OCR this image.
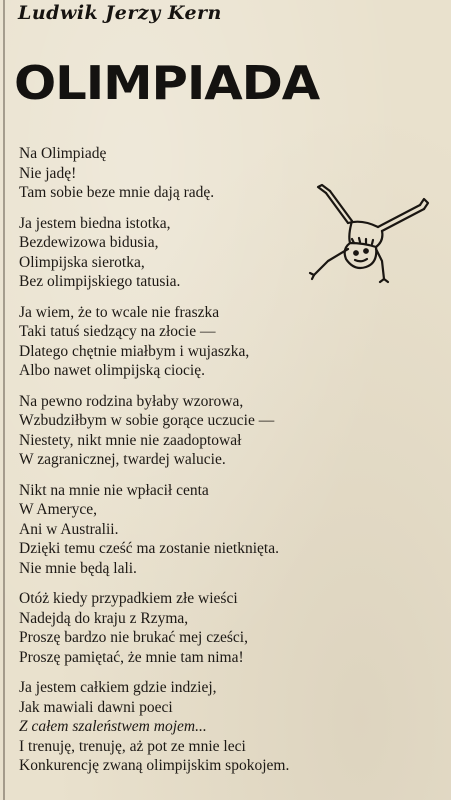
Ludwik Jerzy Kern
OLIMPIADA
Na Olimpiadę
Nie jadę!
Tam sobie beze mnie dają radę.
Ja jestem biedna istotka,
Bezdewizowa bidusia,
Olimpijska sierotka,
Bez olimpijskiego tatusia.
Ja wiem, że to wcale nie fraszka
Taki tatuś siedzący na złocie —
Dlatego chętnie miałbym i wujaszka,
Albo nawet olimpijską ciocię.
Na pewno rodzina byłaby wzorowa,
Wzbudziłbym w sobie gorące uczucie —
Niestety, nikt mnie nie zaadoptował
W zagranicznej, twardej walucie.
Nikt na mnie nie wpłacił centa
W Ameryce,
Ani w Australii.
Dzięki temu cześć ma zostanie nietknięta.
Nie mnie będą lali.
Otóż kiedy przypadkiem złe wieści
Nadejdą do kraju z Rzyma,
Proszę bardzo nie brukać mej cześci,
Proszę pamiętać, że mnie tam nima!
Ja jestem całkiem gdzie indziej,
Jak mawiali dawni poeci
Z całem szaleństwem mojem...
I trenuję, trenuję, aż pot ze mnie leci
Konkurencję zwaną olimpijskim spokojem.
